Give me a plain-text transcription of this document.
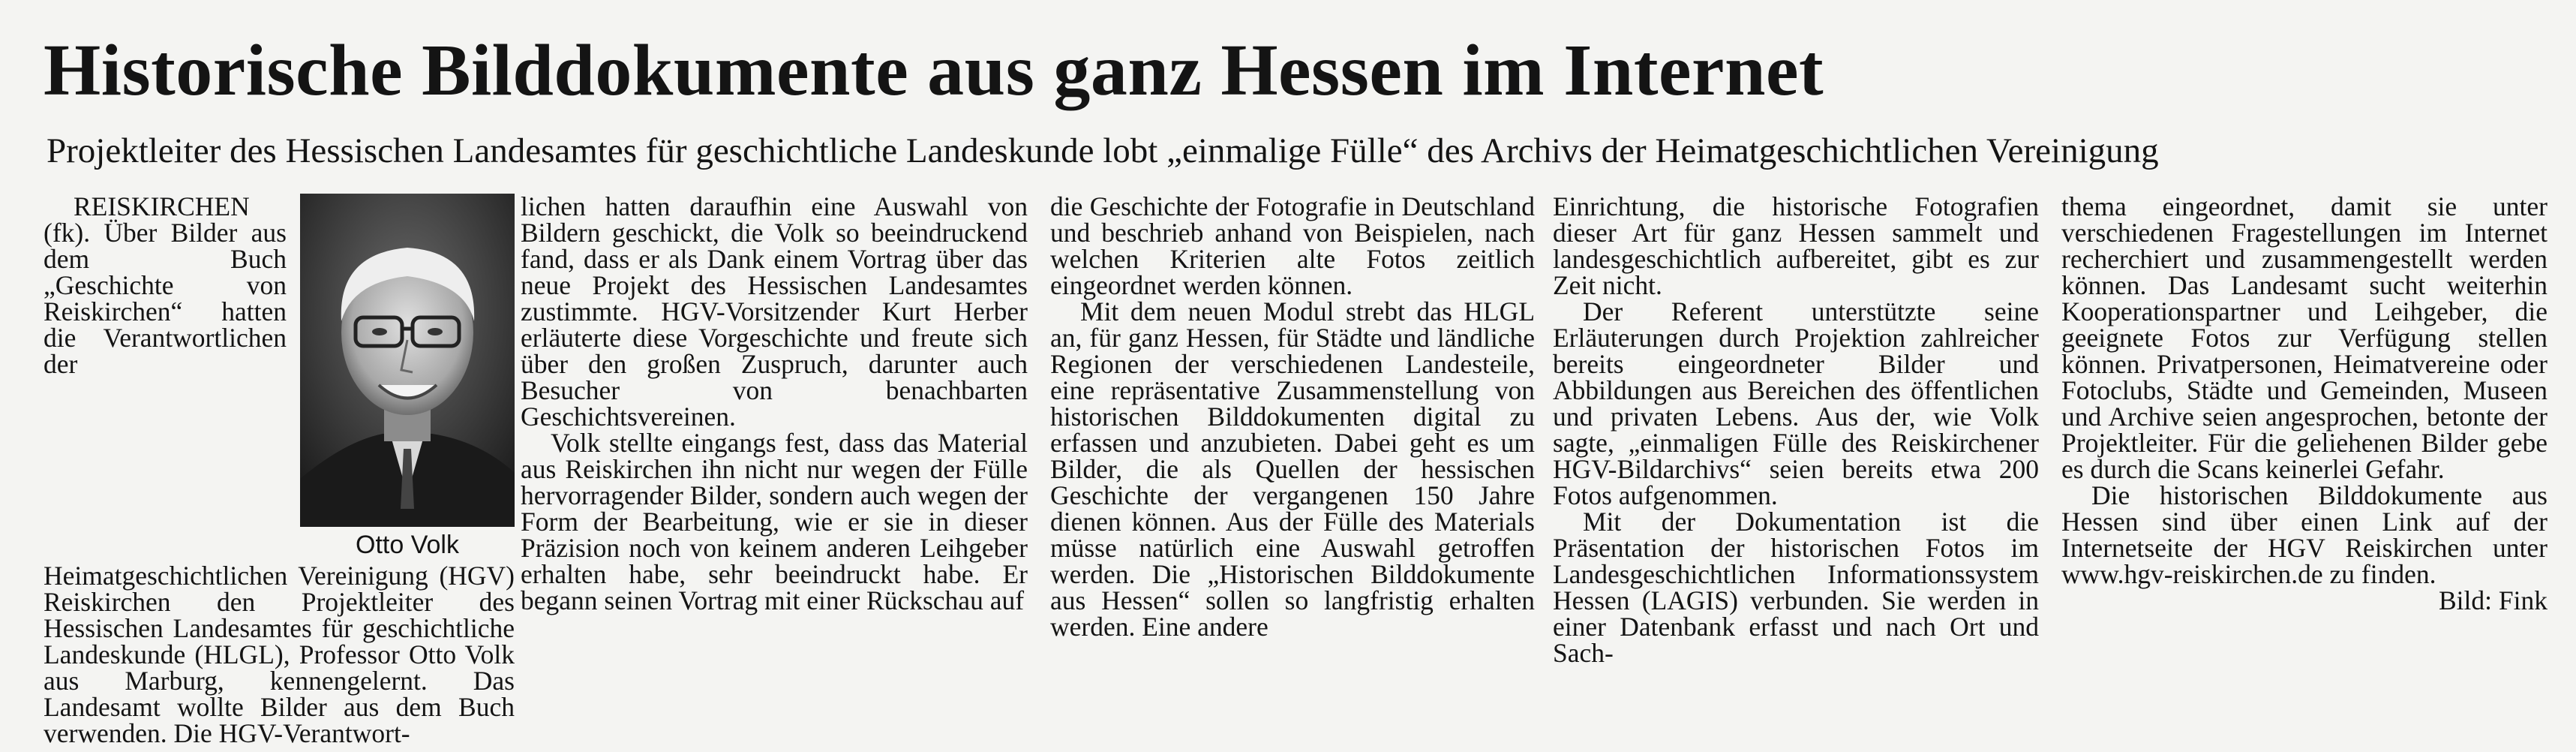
Historische Bilddokumente aus ganz Hessen im Internet
Projektleiter des Hessischen Landesamtes für geschichtliche Landeskunde lobt „einmalige Fülle“ des Archivs der Heimatgeschichtlichen Vereinigung
Otto Volk

REISKIRCHEN (fk). Über Bilder aus dem Buch „Geschichte von Reiskirchen“ hatten die Verantwortlichen der Heimatgeschichtlichen Vereinigung (HGV) Reiskirchen den Projektleiter des Hessischen Landesamtes für geschichtliche Landeskunde (HLGL), Professor Otto Volk aus Marburg, kennengelernt. Das Landesamt wollte Bilder aus dem Buch verwenden. Die HGV-Verantwort-

lichen hatten daraufhin eine Auswahl von Bildern geschickt, die Volk so beeindruckend fand, dass er als Dank einem Vortrag über das neue Projekt des Hessischen Landesamtes zustimmte. HGV-Vorsitzender Kurt Herber erläuterte diese Vorgeschichte und freute sich über den großen Zuspruch, darunter auch Besucher von benachbarten Geschichtsvereinen.

Volk stellte eingangs fest, dass das Material aus Reiskirchen ihn nicht nur wegen der Fülle hervorragender Bilder, sondern auch wegen der Form der Bearbeitung, wie er sie in dieser Präzision noch von keinem anderen Leihgeber erhalten habe, sehr beeindruckt habe. Er begann seinen Vortrag mit einer Rückschau auf

die Geschichte der Fotografie in Deutschland und beschrieb anhand von Beispielen, nach welchen Kriterien alte Fotos zeitlich eingeordnet werden können.

Mit dem neuen Modul strebt das HLGL an, für ganz Hessen, für Städte und ländliche Regionen der verschiedenen Landesteile, eine repräsentative Zusammenstellung von historischen Bilddokumenten digital zu erfassen und anzubieten. Dabei geht es um Bilder, die als Quellen der hessischen Geschichte der vergangenen 150 Jahre dienen können. Aus der Fülle des Materials müsse natürlich eine Auswahl getroffen werden. Die „Historischen Bilddokumente aus Hessen“ sollen so langfristig erhalten werden. Eine andere

Einrichtung, die historische Fotografien dieser Art für ganz Hessen sammelt und landesgeschichtlich aufbereitet, gibt es zur Zeit nicht.

Der Referent unterstützte seine Erläuterungen durch Projektion zahlreicher bereits eingeordneter Bilder und Abbildungen aus Bereichen des öffentlichen und privaten Lebens. Aus der, wie Volk sagte, „einmaligen Fülle des Reiskirchener HGV-Bildarchivs“ seien bereits etwa 200 Fotos aufgenommen.

Mit der Dokumentation ist die Präsentation der historischen Fotos im Landesgeschichtlichen Informationssystem Hessen (LAGIS) verbunden. Sie werden in einer Datenbank erfasst und nach Ort und Sach-

thema eingeordnet, damit sie unter verschiedenen Fragestellungen im Internet recherchiert und zusammengestellt werden können. Das Landesamt sucht weiterhin Kooperationspartner und Leihgeber, die geeignete Fotos zur Verfügung stellen können. Privatpersonen, Heimatvereine oder Fotoclubs, Städte und Gemeinden, Museen und Archive seien angesprochen, betonte der Projektleiter. Für die geliehenen Bilder gebe es durch die Scans keinerlei Gefahr.

Die historischen Bilddokumente aus Hessen sind über einen Link auf der Internetseite der HGV Reiskirchen unter www.hgv-reiskirchen.de zu finden.

Bild: Fink
